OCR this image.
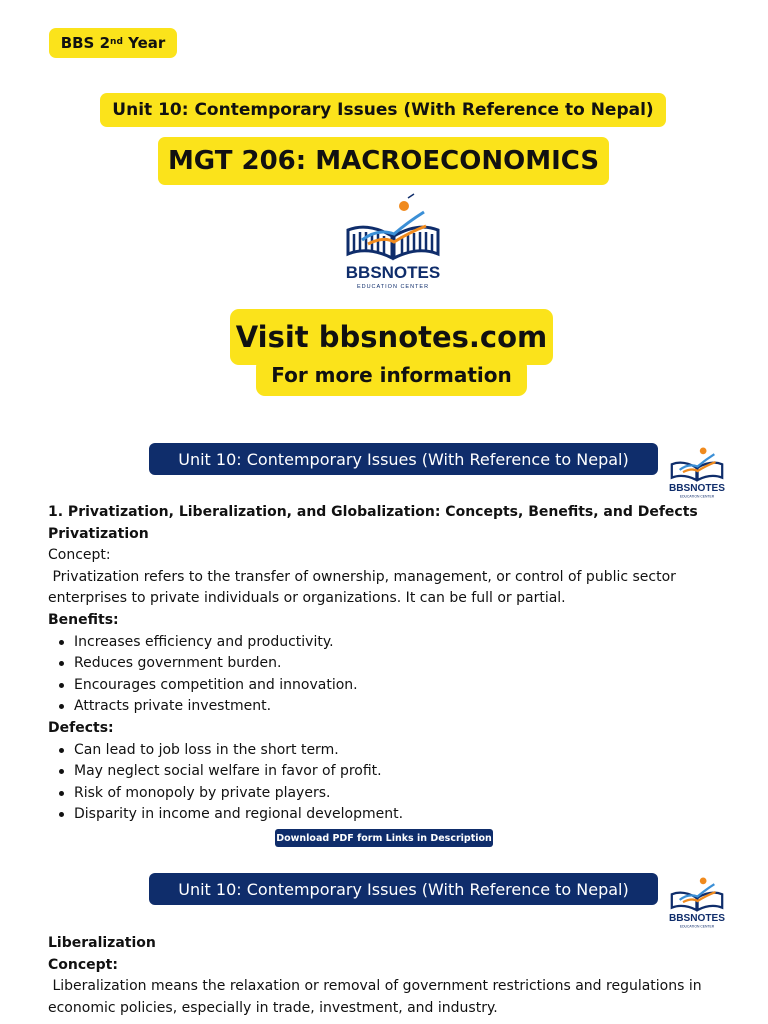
BBS 2nd Year
Unit 10: Contemporary Issues (With Reference to Nepal)
MGT 206: MACROECONOMICS
BBSNOTES
EDUCATION CENTER
Visit bbsnotes.com
For more information
Unit 10: Contemporary Issues (With Reference to Nepal)
BBSNOTES
EDUCATION CENTER

1. Privatization, Liberalization, and Globalization: Concepts, Benefits, and Defects

Privatization

Concept:

Privatization refers to the transfer of ownership, management, or control of public sector enterprises to private individuals or organizations. It can be full or partial.

Benefits:

Increases efficiency and productivity.
Reduces government burden.
Encourages competition and innovation.
Attracts private investment.

Defects:

Can lead to job loss in the short term.
May neglect social welfare in favor of profit.
Risk of monopoly by private players.
Disparity in income and regional development.
Download PDF form Links in Description
Unit 10: Contemporary Issues (With Reference to Nepal)
BBSNOTES
EDUCATION CENTER

Liberalization

Concept:

Liberalization means the relaxation or removal of government restrictions and regulations in economic policies, especially in trade, investment, and industry.
